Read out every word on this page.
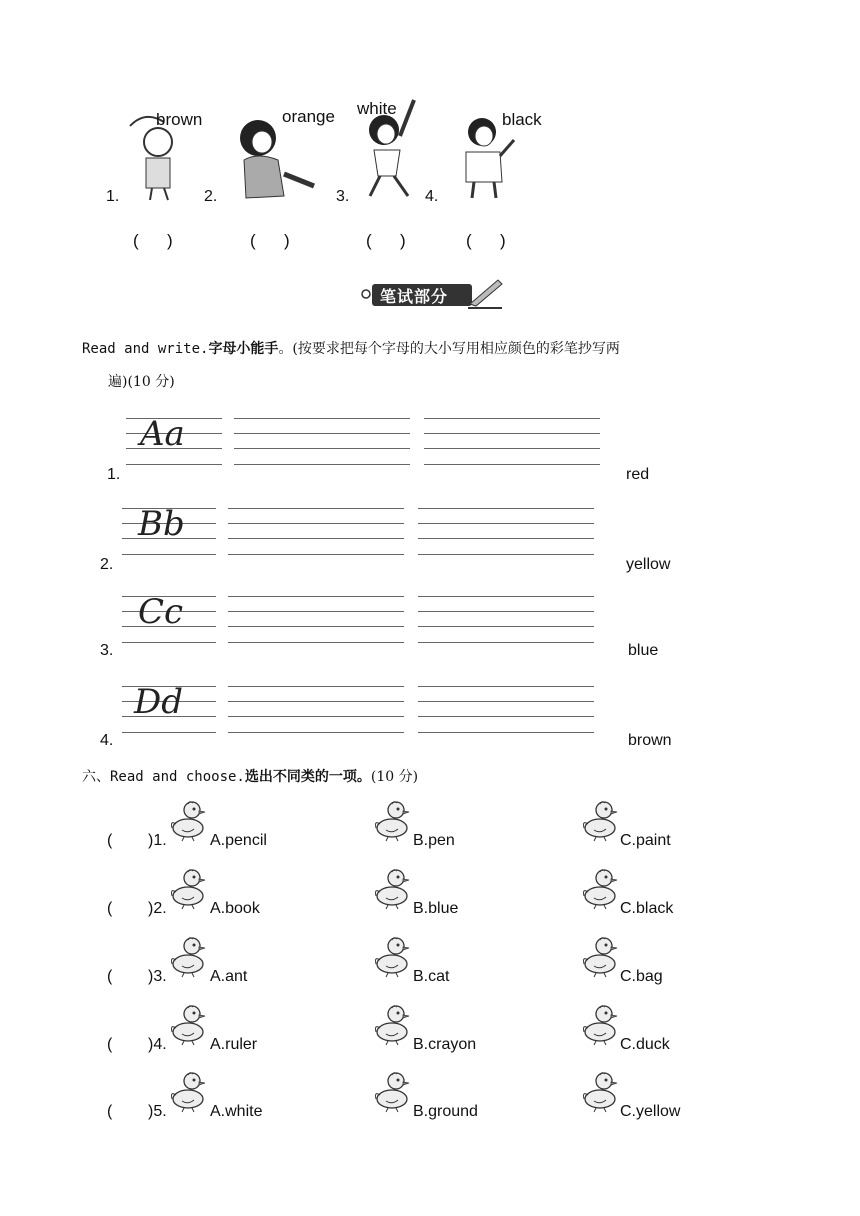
1.
brown
2.
orange
3.
white
4.
black
(      )	(      )	(      )	(      )
笔试部分
Read and write.字母小能手。(按要求把每个字母的大小写用相应颜色的彩笔抄写两
遍)(10 分)
1.
Aa
red
2.
Bb
yellow
3.
Cc
blue
4.
Dd
brown
六、Read and choose.选出不同类的一项。(10 分)
( )1.	A.pencil	B.pen	C.paint
( )2.	A.book	B.blue	C.black
( )3.	A.ant	B.cat	C.bag
( )4.	A.ruler	B.crayon	C.duck
( )5.	A.white	B.ground	C.yellow
